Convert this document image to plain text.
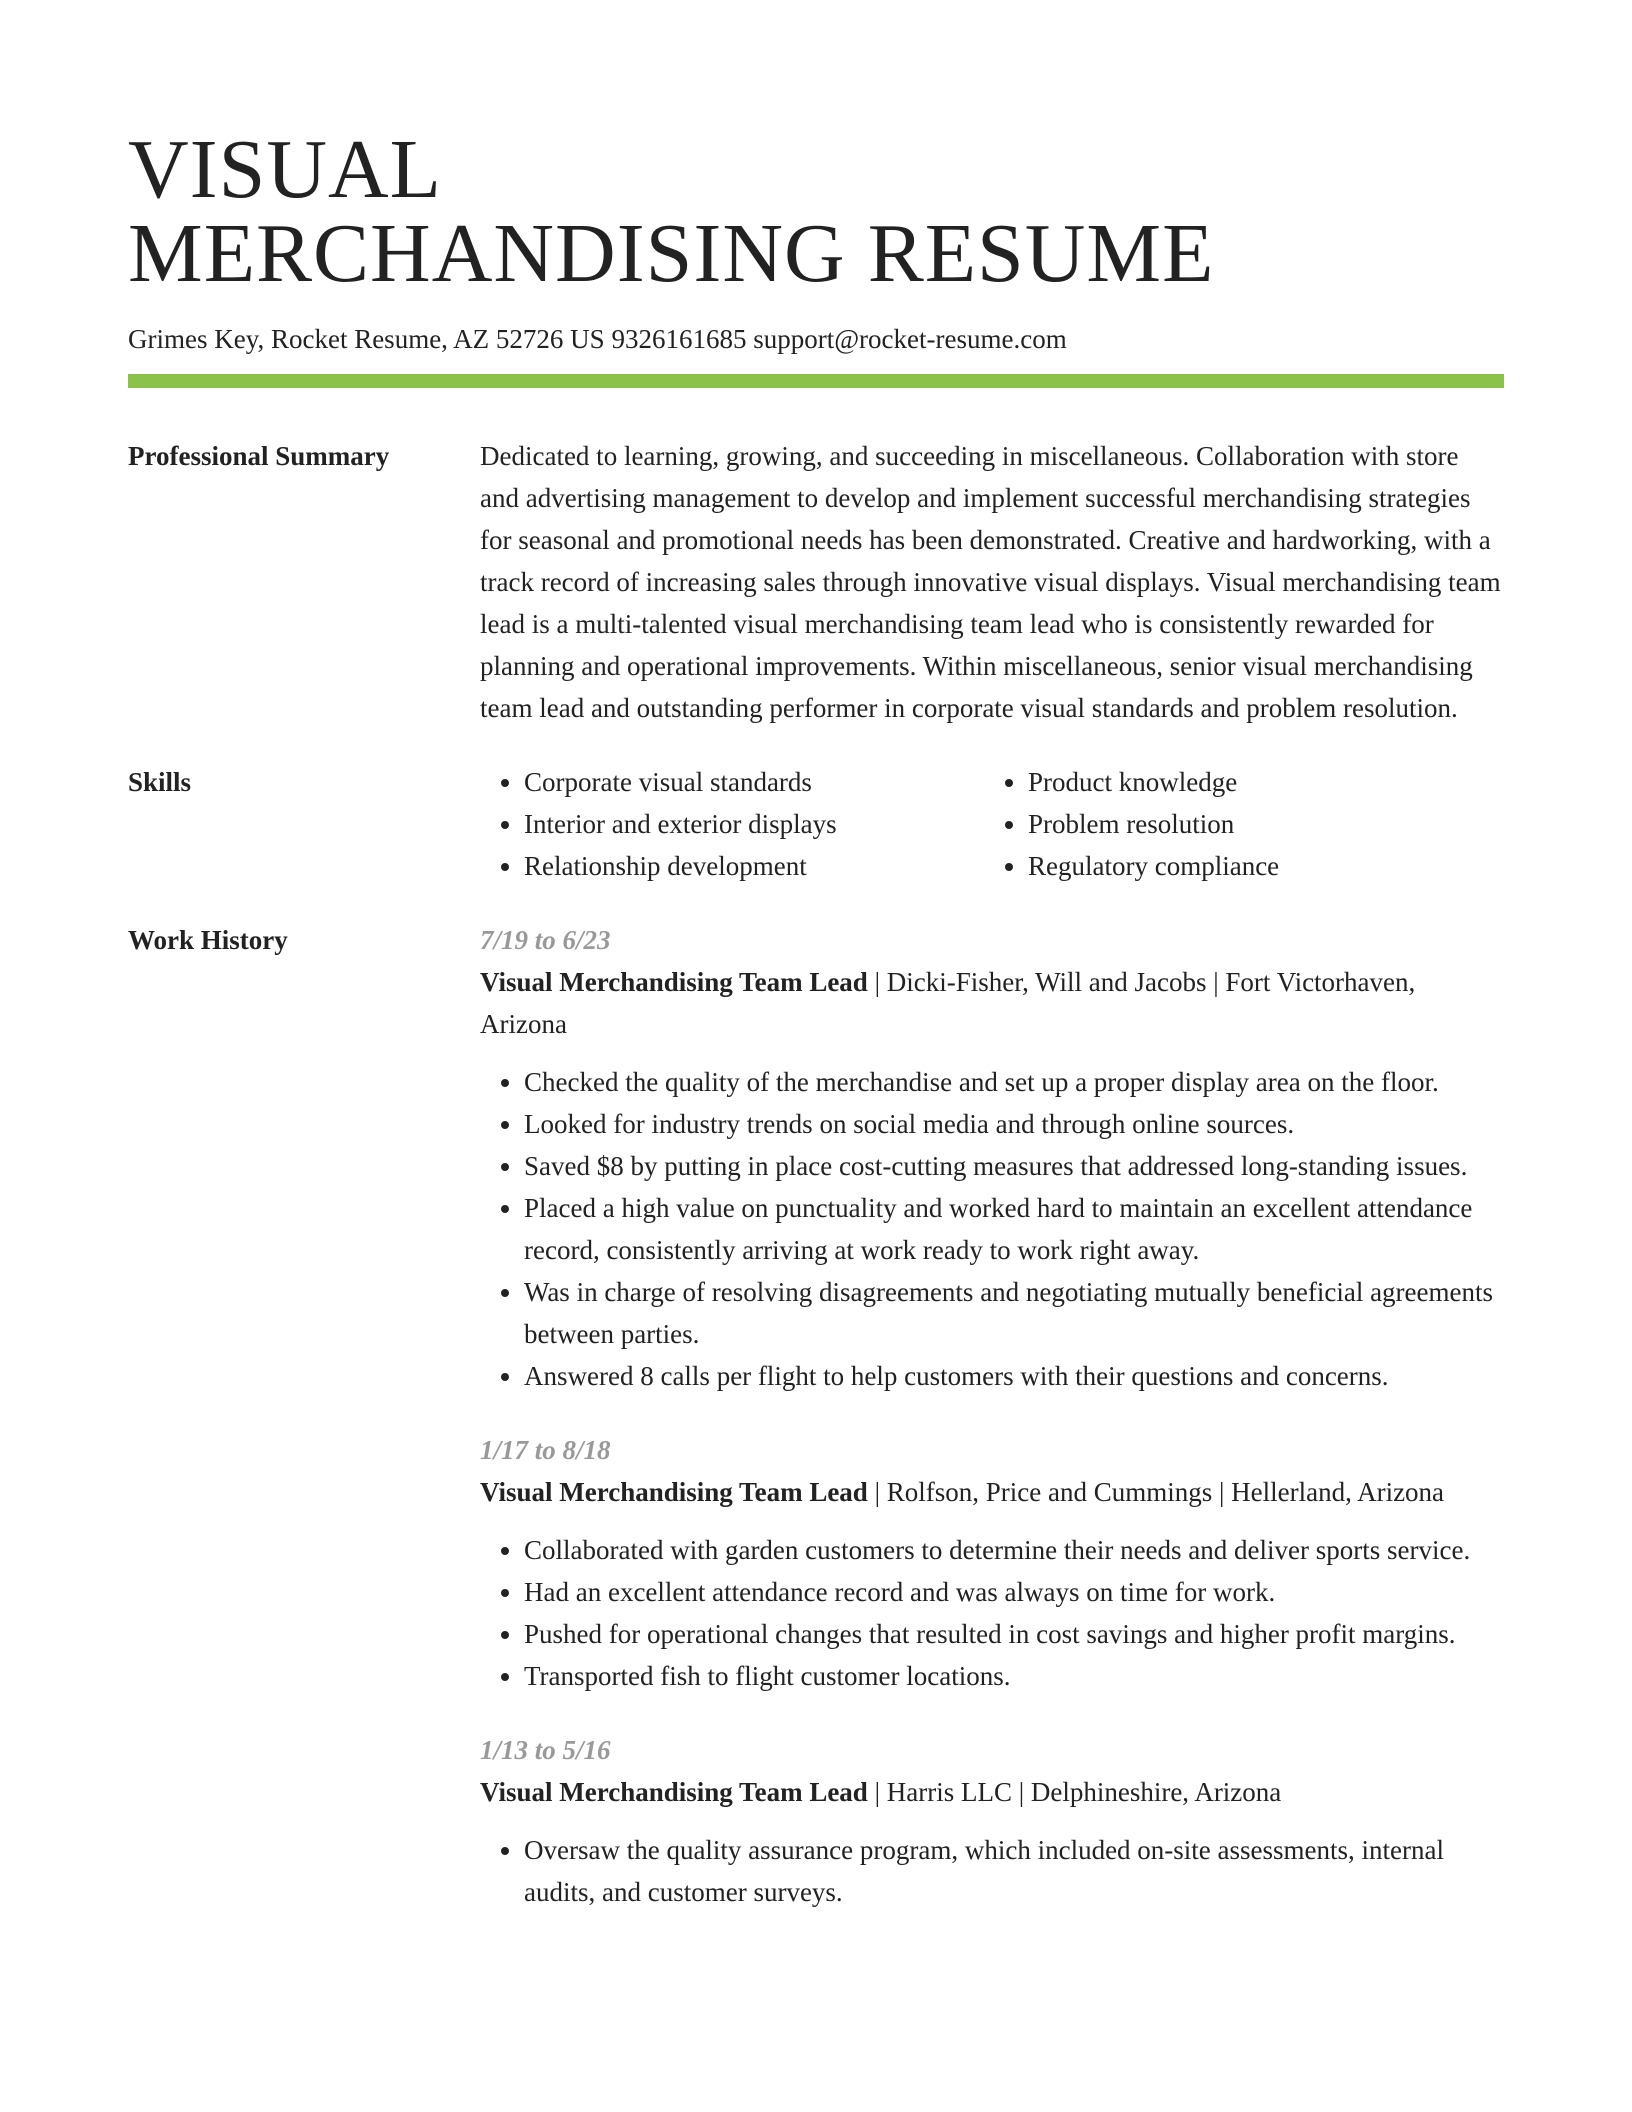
VISUAL
MERCHANDISING RESUME
Grimes Key, Rocket Resume, AZ 52726 US 9326161685 support@rocket-resume.com
Professional Summary	Dedicated to learning, growing, and succeeding in miscellaneous. Collaboration with store and advertising management to develop and implement successful merchandising strategies for seasonal and promotional needs has been demonstrated. Creative and hardworking, with a track record of increasing sales through innovative visual displays. Visual merchandising team lead is a multi-talented visual merchandising team lead who is consistently rewarded for planning and operational improvements. Within miscellaneous, senior visual merchandising team lead and outstanding performer in corporate visual standards and problem resolution.
Skills
•	Corporate visual standards
• Interior and exterior displays
• Relationship development
• Product knowledge
• Problem resolution
• Regulatory compliance
Work History	7/19 to 6/23
Visual Merchandising Team Lead | Dicki-Fisher, Will and Jacobs | Fort Victorhaven, Arizona
• Checked the quality of the merchandise and set up a proper display area on the floor.
• Looked for industry trends on social media and through online sources.
• Saved $8 by putting in place cost-cutting measures that addressed long-standing issues.
• Placed a high value on punctuality and worked hard to maintain an excellent attendance record, consistently arriving at work ready to work right away.
• Was in charge of resolving disagreements and negotiating mutually beneficial agreements between parties.
• Answered 8 calls per flight to help customers with their questions and concerns.
1/17 to 8/18
Visual Merchandising Team Lead | Rolfson, Price and Cummings | Hellerland, Arizona
• Collaborated with garden customers to determine their needs and deliver sports service.
• Had an excellent attendance record and was always on time for work.
• Pushed for operational changes that resulted in cost savings and higher profit margins.
• Transported fish to flight customer locations.
1/13 to 5/16
Visual Merchandising Team Lead | Harris LLC | Delphineshire, Arizona
• Oversaw the quality assurance program, which included on-site assessments, internal audits, and customer surveys.
